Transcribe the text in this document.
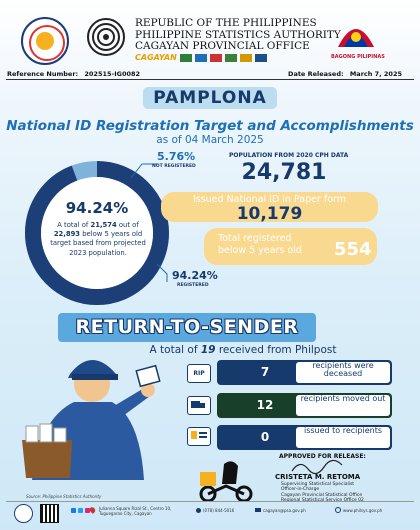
REPUBLIC OF THE PHILIPPINES
PHILIPPINE STATISTICS AUTHORITY
CAGAYAN PROVINCIAL OFFICE
CAGAYAN	BAGONG PILIPINAS
Reference Number: 202515-IG0082	Date Released: March 7, 2025
PAMPLONA
National ID Registration Target and Accomplishments
as of 04 March 2025
5.76%
NOT REGISTERED
94.24%
REGISTERED
94.24%
A total of 21,574 out of 22,893 below 5 years old target based from projected 2023 population.
POPULATION FROM 2020 CPH DATA
24,781
Issued National ID in Paper form
10,179
Total registered
below 5 years old 554
RETURN-TO-SENDER
A total of 19 received from Philpost
RIP	7	recipients were deceased
12	recipients moved out
0	issued to recipients
APPROVED FOR RELEASE:
CRISTETA M. RETOMA
Supervising Statistical Specialist
Officer-in-Charge
Cagayan Provincial Statistical Office
Source: Philippine Statistics Authority
Julianna Square Rizal St., Centro 10,
Tuguegarao City, Cagayan
(078) 844-5016	cagayan@psa.gov.ph	www.philsys.gov.ph
